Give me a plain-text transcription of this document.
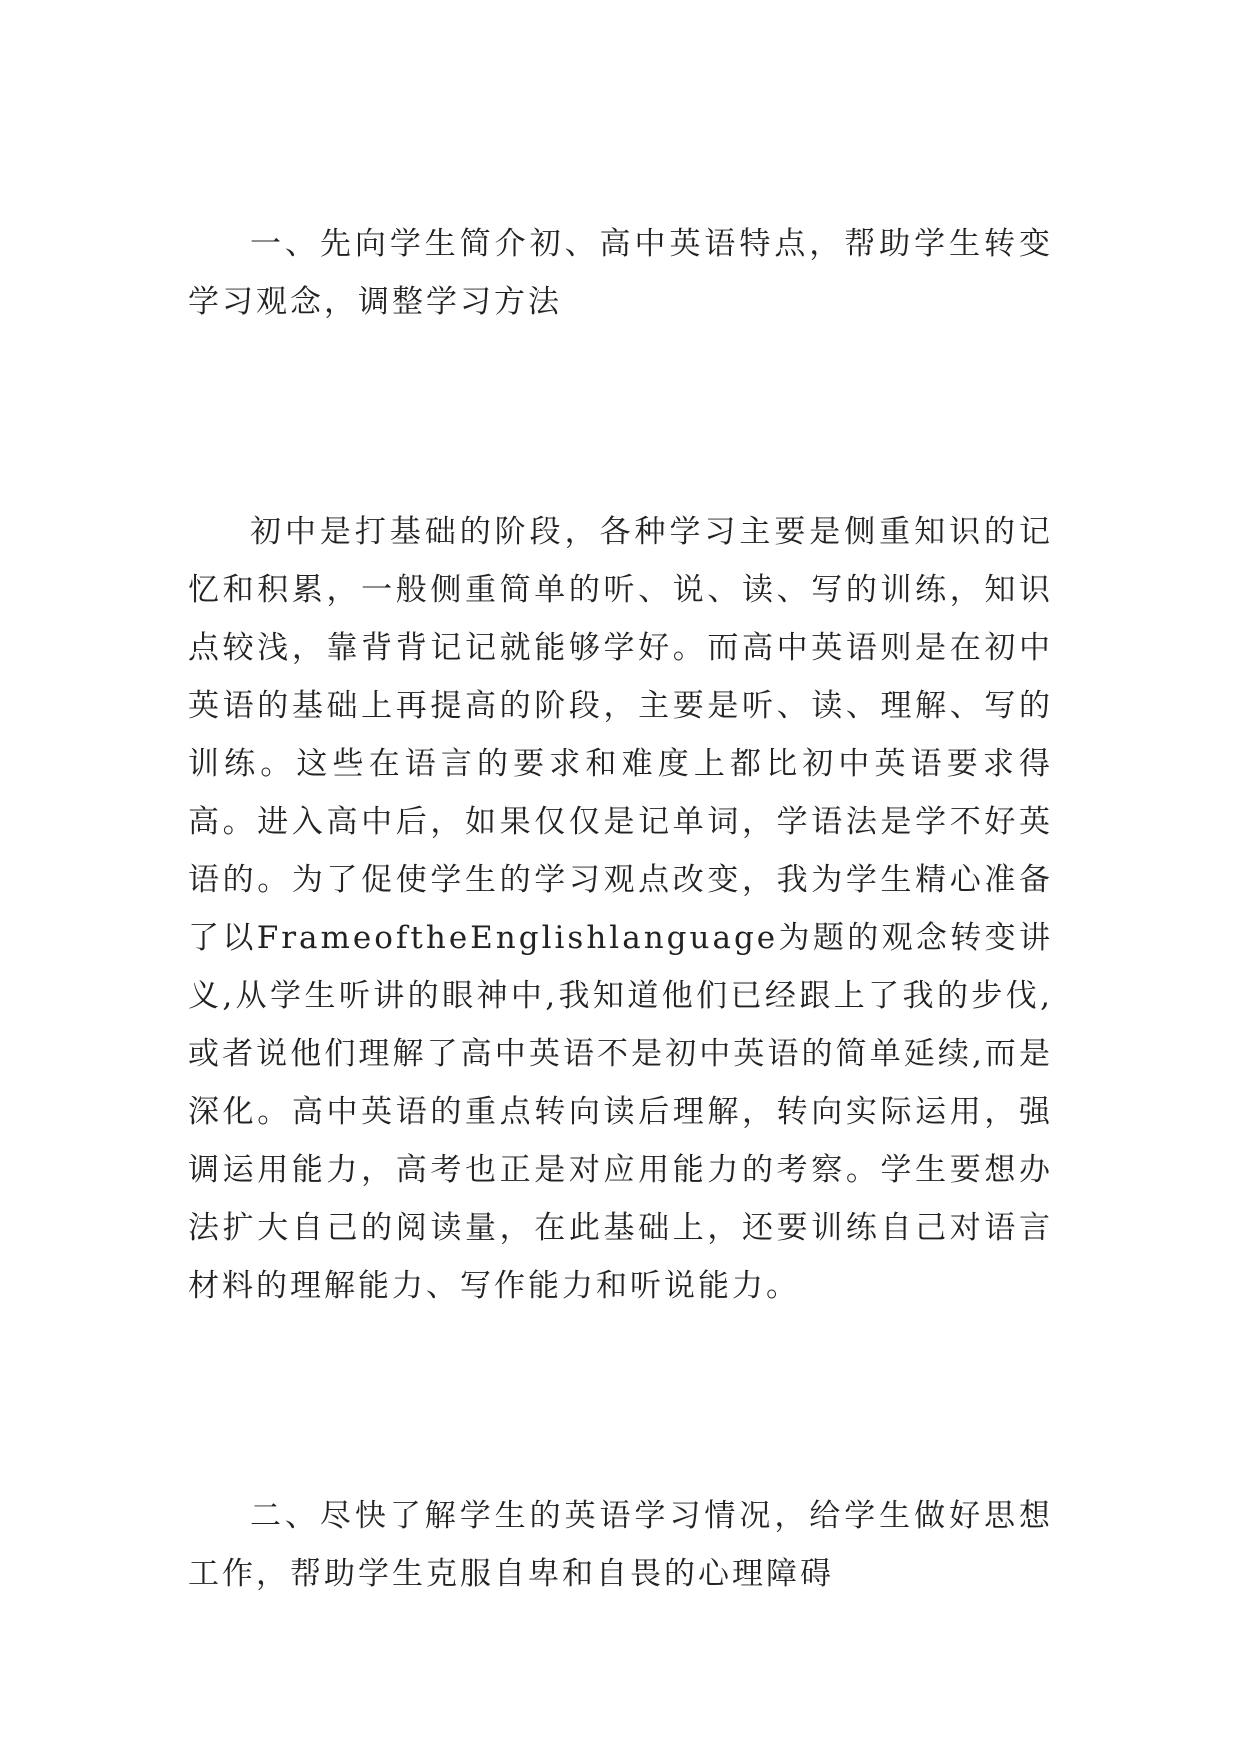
一、先向学生简介初、高中英语特点，帮助学生转变学习观念，调整学习方法

初中是打基础的阶段，各种学习主要是侧重知识的记忆和积累，一般侧重简单的听、说、读、写的训练，知识点较浅，靠背背记记就能够学好。而高中英语则是在初中英语的基础上再提高的阶段，主要是听、读、理解、写的训练。这些在语言的要求和难度上都比初中英语要求得高。进入高中后，如果仅仅是记单词，学语法是学不好英语的。为了促使学生的学习观点改变，我为学生精心准备了以FrameoftheEnglishlanguage为题的观念转变讲义,从学生听讲的眼神中,我知道他们已经跟上了我的步伐,或者说他们理解了高中英语不是初中英语的简单延续,而是深化。高中英语的重点转向读后理解，转向实际运用，强调运用能力，高考也正是对应用能力的考察。学生要想办法扩大自己的阅读量，在此基础上，还要训练自己对语言材料的理解能力、写作能力和听说能力。

二、尽快了解学生的英语学习情况，给学生做好思想工作，帮助学生克服自卑和自畏的心理障碍
